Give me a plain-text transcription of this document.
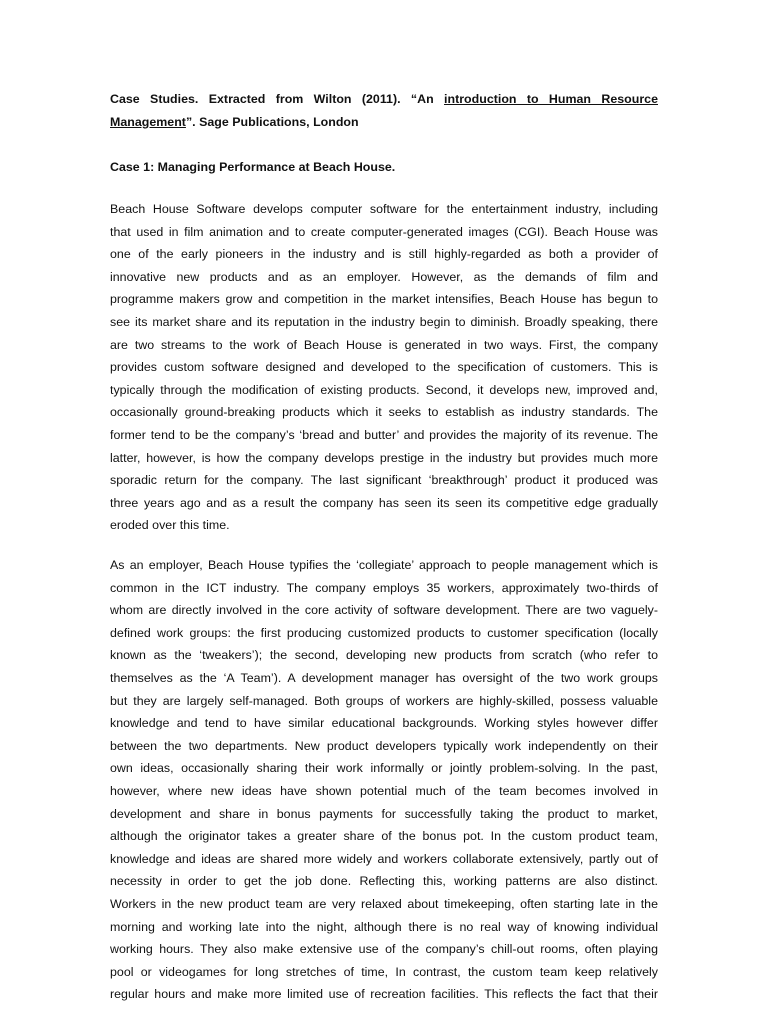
Case Studies. Extracted from Wilton (2011). “An introduction to Human Resource
Management”. Sage Publications, London
Case 1: Managing Performance at Beach House.
Beach House Software develops computer software for the entertainment industry, including
that used in film animation and to create computer-generated images (CGI). Beach House was
one of the early pioneers in the industry and is still highly-regarded as both a provider of
innovative new products and as an employer. However, as the demands of film and
programme makers grow and competition in the market intensifies, Beach House has begun to
see its market share and its reputation in the industry begin to diminish. Broadly speaking, there
are two streams to the work of Beach House is generated in two ways. First, the company
provides custom software designed and developed to the specification of customers. This is
typically through the modification of existing products. Second, it develops new, improved and,
occasionally ground-breaking products which it seeks to establish as industry standards. The
former tend to be the company’s ‘bread and butter’ and provides the majority of its revenue. The
latter, however, is how the company develops prestige in the industry but provides much more
sporadic return for the company. The last significant ‘breakthrough’ product it produced was
three years ago and as a result the company has seen its seen its competitive edge gradually
eroded over this time.
As an employer, Beach House typifies the ‘collegiate’ approach to people management which is
common in the ICT industry. The company employs 35 workers, approximately two-thirds of
whom are directly involved in the core activity of software development. There are two vaguely-
defined work groups: the first producing customized products to customer specification (locally
known as the ‘tweakers’); the second, developing new products from scratch (who refer to
themselves as the ‘A Team’). A development manager has oversight of the two work groups
but they are largely self-managed. Both groups of workers are highly-skilled, possess valuable
knowledge and tend to have similar educational backgrounds. Working styles however differ
between the two departments. New product developers typically work independently on their
own ideas, occasionally sharing their work informally or jointly problem-solving. In the past,
however, where new ideas have shown potential much of the team becomes involved in
development and share in bonus payments for successfully taking the product to market,
although the originator takes a greater share of the bonus pot. In the custom product team,
knowledge and ideas are shared more widely and workers collaborate extensively, partly out of
necessity in order to get the job done. Reflecting this, working patterns are also distinct.
Workers in the new product team are very relaxed about timekeeping, often starting late in the
morning and working late into the night, although there is no real way of knowing individual
working hours. They also make extensive use of the company’s chill-out rooms, often playing
pool or videogames for long stretches of time, In contrast, the custom team keep relatively
regular hours and make more limited use of recreation facilities. This reflects the fact that their
